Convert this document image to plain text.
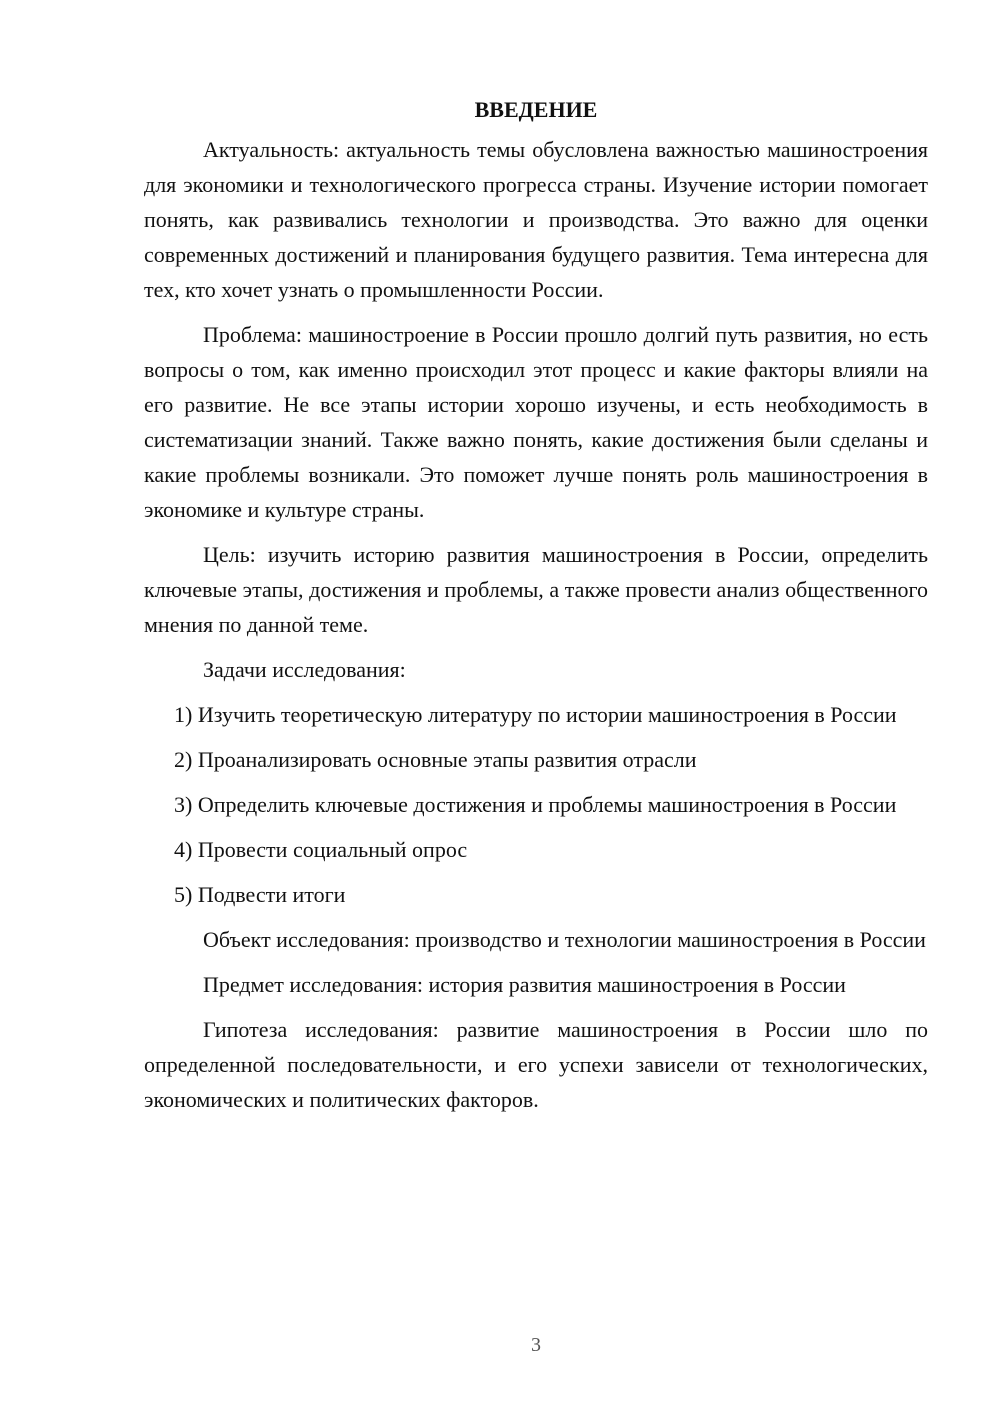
ВВЕДЕНИЕ

Актуальность: актуальность темы обусловлена важностью машиностроения для экономики и технологического прогресса страны. Изучение истории помогает понять, как развивались технологии и производства. Это важно для оценки современных достижений и планирования будущего развития. Тема интересна для тех, кто хочет узнать о промышленности России.

Проблема: машиностроение в России прошло долгий путь развития, но есть вопросы о том, как именно происходил этот процесс и какие факторы влияли на его развитие. Не все этапы истории хорошо изучены, и есть необходимость в систематизации знаний. Также важно понять, какие достижения были сделаны и какие проблемы возникали. Это поможет лучше понять роль машиностроения в экономике и культуре страны.

Цель: изучить историю развития машиностроения в России, определить ключевые этапы, достижения и проблемы, а также провести анализ общественного мнения по данной теме.

Задачи исследования:

1) Изучить теоретическую литературу по истории машиностроения в России

2) Проанализировать основные этапы развития отрасли

3) Определить ключевые достижения и проблемы машиностроения в России

4) Провести социальный опрос

5) Подвести итоги

Объект исследования: производство и технологии машиностроения в России

Предмет исследования: история развития машиностроения в России

Гипотеза исследования: развитие машиностроения в России шло по определенной последовательности, и его успехи зависели от технологических, экономических и политических факторов.

3
